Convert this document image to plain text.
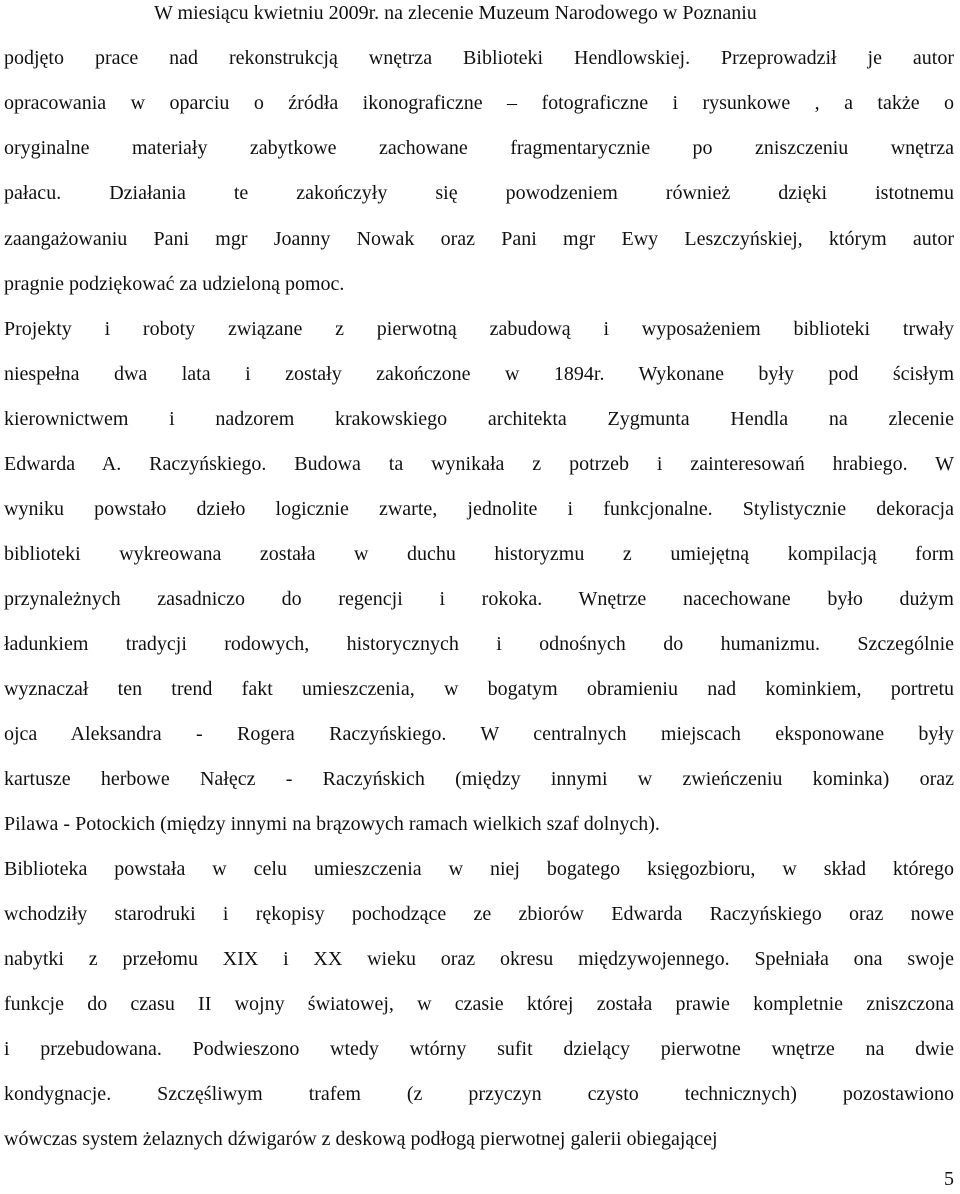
W miesiącu kwietniu 2009r. na zlecenie Muzeum Narodowego w Poznaniu
podjęto prace nad rekonstrukcją wnętrza Biblioteki Hendlowskiej. Przeprowadził je autor
opracowania w oparciu o źródła ikonograficzne – fotograficzne i rysunkowe , a także o
oryginalne materiały zabytkowe zachowane fragmentarycznie po zniszczeniu wnętrza
pałacu. Działania te zakończyły się powodzeniem również dzięki istotnemu
zaangażowaniu Pani mgr Joanny Nowak oraz Pani mgr Ewy Leszczyńskiej, którym autor
pragnie podziękować za udzieloną pomoc.
Projekty i roboty związane z pierwotną zabudową i wyposażeniem biblioteki trwały
niespełna dwa lata i zostały zakończone w 1894r. Wykonane były pod ścisłym
kierownictwem i nadzorem krakowskiego architekta Zygmunta Hendla na zlecenie
Edwarda A. Raczyńskiego. Budowa ta wynikała z potrzeb i zainteresowań hrabiego. W
wyniku powstało dzieło logicznie zwarte, jednolite i funkcjonalne. Stylistycznie dekoracja
biblioteki wykreowana została w duchu historyzmu z umiejętną kompilacją form
przynależnych zasadniczo do regencji i rokoka. Wnętrze nacechowane było dużym
ładunkiem tradycji rodowych, historycznych i odnośnych do humanizmu. Szczególnie
wyznaczał ten trend fakt umieszczenia, w bogatym obramieniu nad kominkiem, portretu
ojca Aleksandra - Rogera Raczyńskiego. W centralnych miejscach eksponowane były
kartusze herbowe Nałęcz - Raczyńskich (między innymi w zwieńczeniu kominka) oraz
Pilawa - Potockich (między innymi na brązowych ramach wielkich szaf dolnych).
Biblioteka powstała w celu umieszczenia w niej bogatego księgozbioru, w skład którego
wchodziły starodruki i rękopisy pochodzące ze zbiorów Edwarda Raczyńskiego oraz nowe
nabytki z przełomu XIX i XX wieku oraz okresu międzywojennego. Spełniała ona swoje
funkcje do czasu II wojny światowej, w czasie której została prawie kompletnie zniszczona
i przebudowana. Podwieszono wtedy wtórny sufit dzielący pierwotne wnętrze na dwie
kondygnacje. Szczęśliwym trafem (z przyczyn czysto technicznych) pozostawiono
wówczas system żelaznych dźwigarów z deskową podłogą pierwotnej galerii obiegającej
5
